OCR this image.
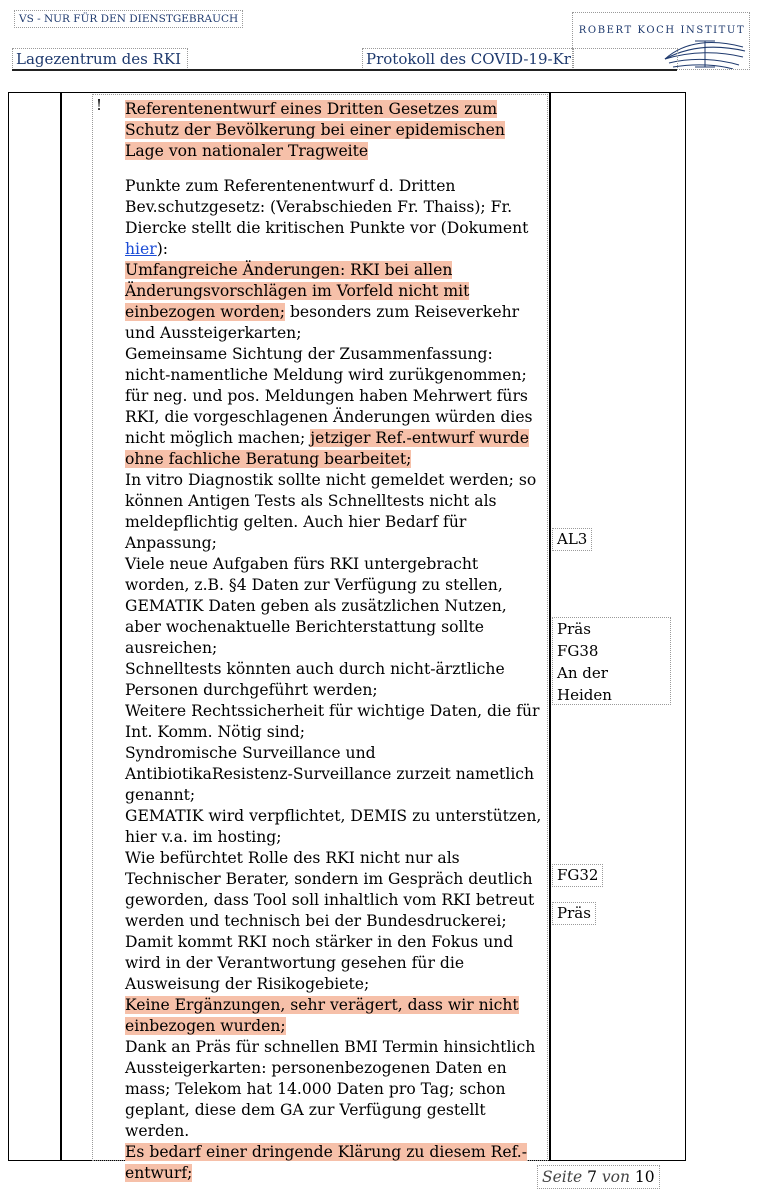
VS - NUR FÜR DEN DIENSTGEBRAUCH
ROBERT KOCH INSTITUT
Lagezentrum des RKI	Protokoll des COVID-19-Kr
! Referentenentwurf eines Dritten Gesetzes zum Schutz der Bevölkerung bei einer epidemischen Lage von nationaler Tragweite

Punkte zum Referentenentwurf d. Dritten Bev.schutzgesetz: (Verabschieden Fr. Thaiss); Fr. Diercke stellt die kritischen Punkte vor (Dokument hier):

Umfangreiche Änderungen: RKI bei allen Änderungsvorschlägen im Vorfeld nicht mit einbezogen worden; besonders zum Reiseverkehr und Aussteigerkarten;

Gemeinsame Sichtung der Zusammenfassung: nicht-namentliche Meldung wird zurükgenommen; für neg. und pos. Meldungen haben Mehrwert fürs RKI, die vorgeschlagenen Änderungen würden dies nicht möglich machen; jetziger Ref.-entwurf wurde ohne fachliche Beratung bearbeitet;

In vitro Diagnostik sollte nicht gemeldet werden; so können Antigen Tests als Schnelltests nicht als meldepflichtig gelten. Auch hier Bedarf für Anpassung;

Viele neue Aufgaben fürs RKI untergebracht worden, z.B. §4 Daten zur Verfügung zu stellen, GEMATIK Daten geben als zusätzlichen Nutzen, aber wochenaktuelle Berichterstattung sollte ausreichen;

Schnelltests könnten auch durch nicht-ärztliche Personen durchgeführt werden;

Weitere Rechtssicherheit für wichtige Daten, die für Int. Komm. Nötig sind;

Syndromische Surveillance und AntibiotikaResistenz-Surveillance zurzeit nametlich genannt;

GEMATIK wird verpflichtet, DEMIS zu unterstützen, hier v.a. im hosting;

Wie befürchtet Rolle des RKI nicht nur als Technischer Berater, sondern im Gespräch deutlich geworden, dass Tool soll inhaltlich vom RKI betreut werden und technisch bei der Bundesdruckerei;

Damit kommt RKI noch stärker in den Fokus und wird in der Verantwortung gesehen für die Ausweisung der Risikogebiete;

Keine Ergänzungen, sehr verägert, dass wir nicht einbezogen wurden;

Dank an Präs für schnellen BMI Termin hinsichtlich Aussteigerkarten: personenbezogenen Daten en mass; Telekom hat 14.000 Daten pro Tag; schon geplant, diese dem GA zur Verfügung gestellt werden.

Es bedarf einer dringende Klärung zu diesem Ref.-entwurf;

AL3
Präs
FG38
An der Heiden
FG32
Präs
Seite 7 von 10
